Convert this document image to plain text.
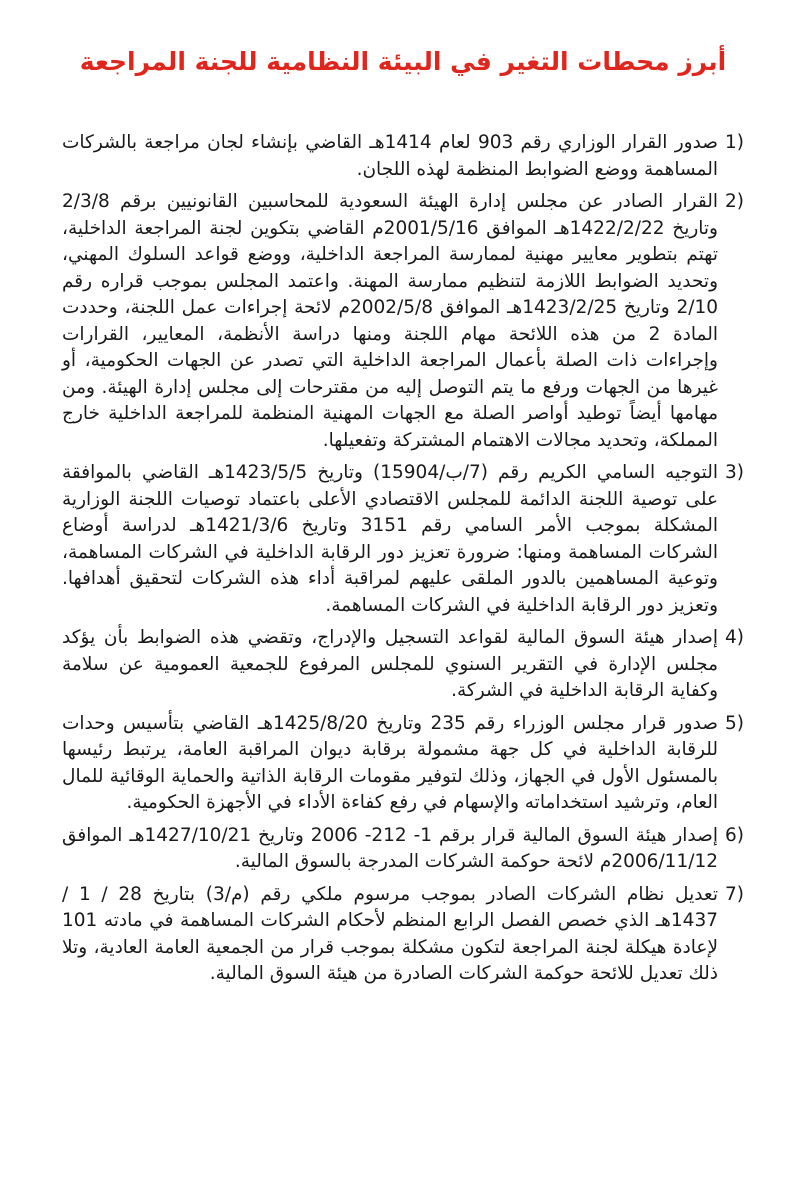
أبرز محطات التغير في البيئة النظامية للجنة المراجعة
1)
صدور القرار الوزاري رقم 903 لعام 1414هـ القاضي بإنشاء لجان مراجعة بالشركات المساهمة ووضع الضوابط المنظمة لهذه اللجان.
2)
القرار الصادر عن مجلس إدارة الهيئة السعودية للمحاسبين القانونيين برقم 2/3/8 وتاريخ 1422/2/22هـ الموافق 2001/5/16م القاضي بتكوين لجنة المراجعة الداخلية، تهتم بتطوير معايير مهنية لممارسة المراجعة الداخلية، ووضع قواعد السلوك المهني، وتحديد الضوابط اللازمة لتنظيم ممارسة المهنة. واعتمد المجلس بموجب قراره رقم 2/10 وتاريخ 1423/2/25هـ الموافق 2002/5/8م لائحة إجراءات عمل اللجنة، وحددت المادة 2 من هذه اللائحة مهام اللجنة ومنها دراسة الأنظمة، المعايير، القرارات وإجراءات ذات الصلة بأعمال المراجعة الداخلية التي تصدر عن الجهات الحكومية، أو غيرها من الجهات ورفع ما يتم التوصل إليه من مقترحات إلى مجلس إدارة الهيئة. ومن مهامها أيضاً توطيد أواصر الصلة مع الجهات المهنية المنظمة للمراجعة الداخلية خارج المملكة، وتحديد مجالات الاهتمام المشتركة وتفعيلها.
3)
التوجيه السامي الكريم رقم (7/ب/15904) وتاريخ 1423/5/5هـ القاضي بالموافقة على توصية اللجنة الدائمة للمجلس الاقتصادي الأعلى باعتماد توصيات اللجنة الوزارية المشكلة بموجب الأمر السامي رقم 3151 وتاريخ 1421/3/6هـ لدراسة أوضاع الشركات المساهمة ومنها: ضرورة تعزيز دور الرقابة الداخلية في الشركات المساهمة، وتوعية المساهمين بالدور الملقى عليهم لمراقبة أداء هذه الشركات لتحقيق أهدافها. وتعزيز دور الرقابة الداخلية في الشركات المساهمة.
4)
إصدار هيئة السوق المالية لقواعد التسجيل والإدراج، وتقضي هذه الضوابط بأن يؤكد مجلس الإدارة في التقرير السنوي للمجلس المرفوع للجمعية العمومية عن سلامة وكفاية الرقابة الداخلية في الشركة.
5)
صدور قرار مجلس الوزراء رقم 235 وتاريخ 1425/8/20هـ القاضي بتأسيس وحدات للرقابة الداخلية في كل جهة مشمولة برقابة ديوان المراقبة العامة، يرتبط رئيسها بالمسئول الأول في الجهاز، وذلك لتوفير مقومات الرقابة الذاتية والحماية الوقائية للمال العام، وترشيد استخداماته والإسهام في رفع كفاءة الأداء في الأجهزة الحكومية.
6)
إصدار هيئة السوق المالية قرار برقم 1- 212- 2006 وتاريخ 1427/10/21هـ الموافق 2006/11/12م لائحة حوكمة الشركات المدرجة بالسوق المالية.
7)
تعديل نظام الشركات الصادر بموجب مرسوم ملكي رقم (م/3) بتاريخ 28 / 1 / 1437هـ الذي خصص الفصل الرابع المنظم لأحكام الشركات المساهمة في مادته 101 لإعادة هيكلة لجنة المراجعة لتكون مشكلة بموجب قرار من الجمعية العامة العادية، وتلا ذلك تعديل للائحة حوكمة الشركات الصادرة من هيئة السوق المالية.
